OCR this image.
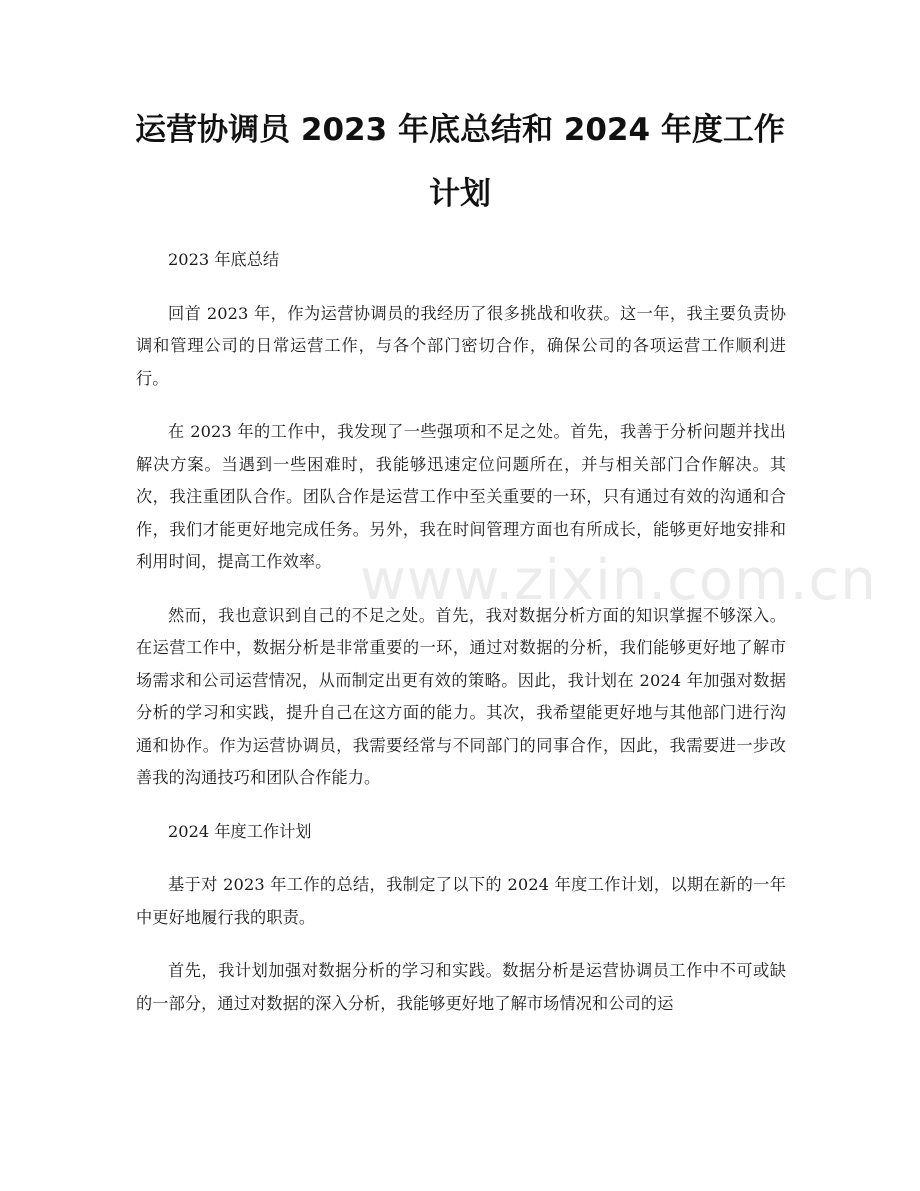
运营协调员 2023 年底总结和 2024 年度工作计划
www.zixin.com.cn

2023 年底总结

回首 2023 年，作为运营协调员的我经历了很多挑战和收获。这一年，我主要负责协调和管理公司的日常运营工作，与各个部门密切合作，确保公司的各项运营工作顺利进行。

在 2023 年的工作中，我发现了一些强项和不足之处。首先，我善于分析问题并找出解决方案。当遇到一些困难时，我能够迅速定位问题所在，并与相关部门合作解决。其次，我注重团队合作。团队合作是运营工作中至关重要的一环，只有通过有效的沟通和合作，我们才能更好地完成任务。另外，我在时间管理方面也有所成长，能够更好地安排和利用时间，提高工作效率。

然而，我也意识到自己的不足之处。首先，我对数据分析方面的知识掌握不够深入。在运营工作中，数据分析是非常重要的一环，通过对数据的分析，我们能够更好地了解市场需求和公司运营情况，从而制定出更有效的策略。因此，我计划在 2024 年加强对数据分析的学习和实践，提升自己在这方面的能力。其次，我希望能更好地与其他部门进行沟通和协作。作为运营协调员，我需要经常与不同部门的同事合作，因此，我需要进一步改善我的沟通技巧和团队合作能力。

2024 年度工作计划

基于对 2023 年工作的总结，我制定了以下的 2024 年度工作计划，以期在新的一年中更好地履行我的职责。

首先，我计划加强对数据分析的学习和实践。数据分析是运营协调员工作中不可或缺的一部分，通过对数据的深入分析，我能够更好地了解市场情况和公司的运
